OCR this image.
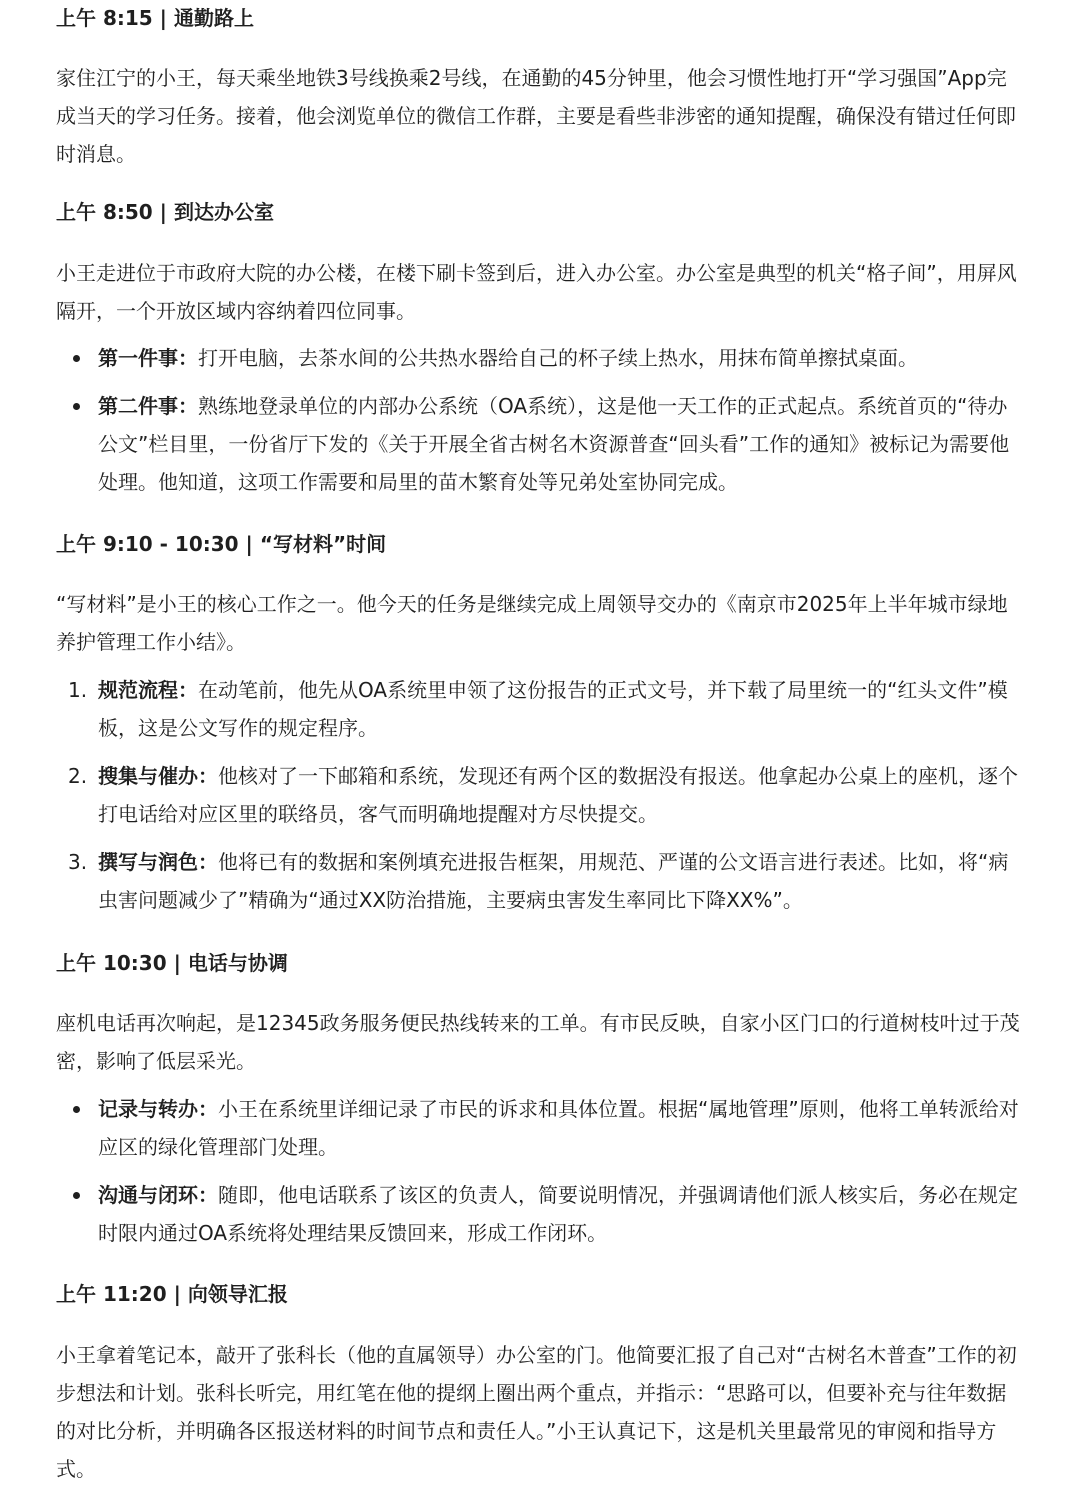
上午 8:15 | 通勤路上

家住江宁的小王，每天乘坐地铁3号线换乘2号线，在通勤的45分钟里，他会习惯性地打开“学习强国”App完成当天的学习任务。接着，他会浏览单位的微信工作群，主要是看些非涉密的通知提醒，确保没有错过任何即时消息。

上午 8:50 | 到达办公室

小王走进位于市政府大院的办公楼，在楼下刷卡签到后，进入办公室。办公室是典型的机关“格子间”，用屏风隔开，一个开放区域内容纳着四位同事。

第一件事：打开电脑，去茶水间的公共热水器给自己的杯子续上热水，用抹布简单擦拭桌面。
第二件事：熟练地登录单位的内部办公系统（OA系统），这是他一天工作的正式起点。系统首页的“待办公文”栏目里，一份省厅下发的《关于开展全省古树名木资源普查“回头看”工作的通知》被标记为需要他处理。他知道，这项工作需要和局里的苗木繁育处等兄弟处室协同完成。
上午 9:10 - 10:30 | “写材料”时间

“写材料”是小王的核心工作之一。他今天的任务是继续完成上周领导交办的《南京市2025年上半年城市绿地养护管理工作小结》。

1. 规范流程：在动笔前，他先从OA系统里申领了这份报告的正式文号，并下载了局里统一的“红头文件”模板，这是公文写作的规定程序。
2. 搜集与催办：他核对了一下邮箱和系统，发现还有两个区的数据没有报送。他拿起办公桌上的座机，逐个打电话给对应区里的联络员，客气而明确地提醒对方尽快提交。
3. 撰写与润色：他将已有的数据和案例填充进报告框架，用规范、严谨的公文语言进行表述。比如，将“病虫害问题减少了”精确为“通过XX防治措施，主要病虫害发生率同比下降XX%”。
上午 10:30 | 电话与协调

座机电话再次响起，是12345政务服务便民热线转来的工单。有市民反映，自家小区门口的行道树枝叶过于茂密，影响了低层采光。

记录与转办：小王在系统里详细记录了市民的诉求和具体位置。根据“属地管理”原则，他将工单转派给对应区的绿化管理部门处理。
沟通与闭环：随即，他电话联系了该区的负责人，简要说明情况，并强调请他们派人核实后，务必在规定时限内通过OA系统将处理结果反馈回来，形成工作闭环。
上午 11:20 | 向领导汇报

小王拿着笔记本，敲开了张科长（他的直属领导）办公室的门。他简要汇报了自己对“古树名木普查”工作的初步想法和计划。张科长听完，用红笔在他的提纲上圈出两个重点，并指示：“思路可以，但要补充与往年数据的对比分析，并明确各区报送材料的时间节点和责任人。”小王认真记下，这是机关里最常见的审阅和指导方式。
